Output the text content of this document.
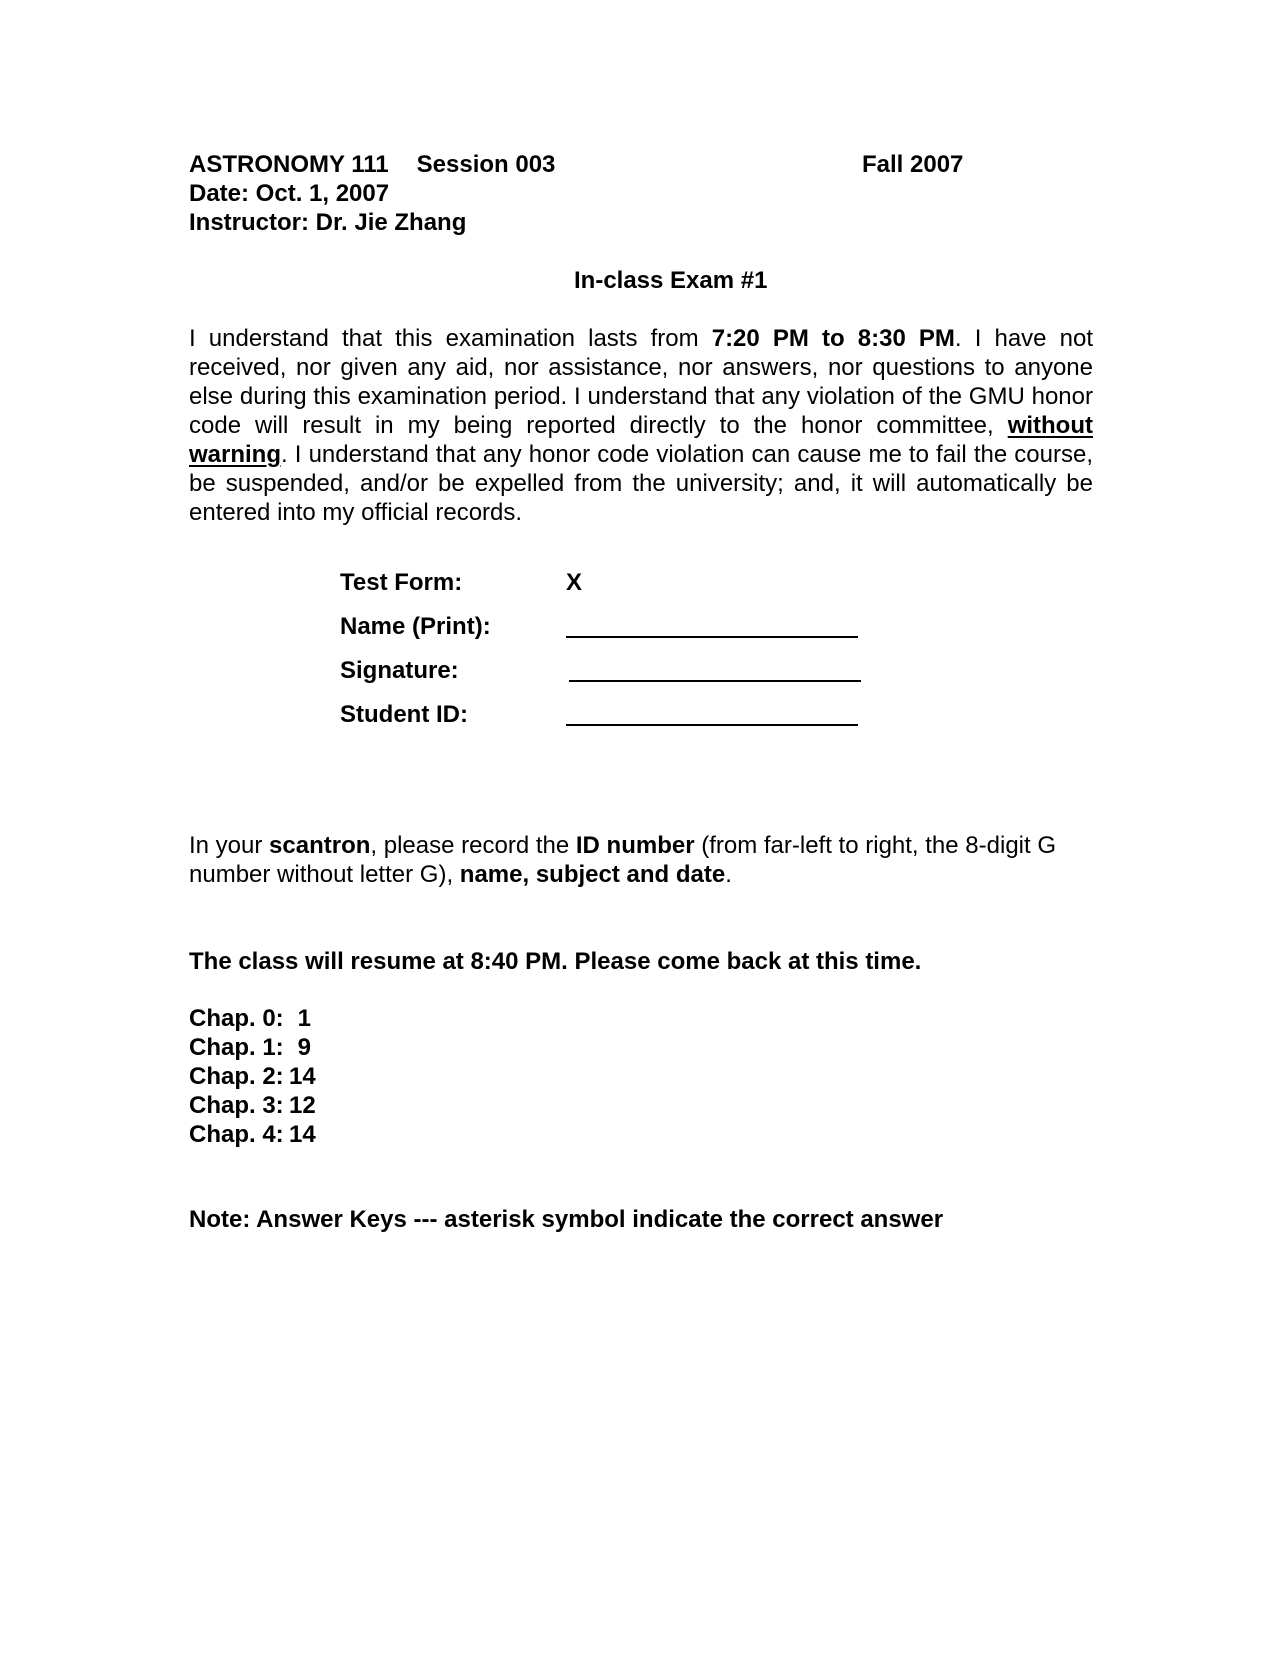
ASTRONOMY 111 Session 003	Fall 2007
Date: Oct. 1, 2007
Instructor: Dr. Jie Zhang
In-class Exam #1
I understand that this examination lasts from 7:20 PM to 8:30 PM. I have not received, nor given any aid, nor assistance, nor answers, nor questions to anyone else during this examination period. I understand that any violation of the GMU honor code will result in my being reported directly to the honor committee, without warning. I understand that any honor code violation can cause me to fail the course, be suspended, and/or be expelled from the university; and, it will automatically be entered into my official records.
Test Form:	X
Name (Print):
Signature:
Student ID:
In your scantron, please record the ID number (from far-left to right, the 8-digit G number without letter G), name, subject and date.
The class will resume at 8:40 PM. Please come back at this time.
Chap. 0: 1
Chap. 1: 9
Chap. 2: 14
Chap. 3: 12
Chap. 4: 14
Note: Answer Keys --- asterisk symbol indicate the correct answer
